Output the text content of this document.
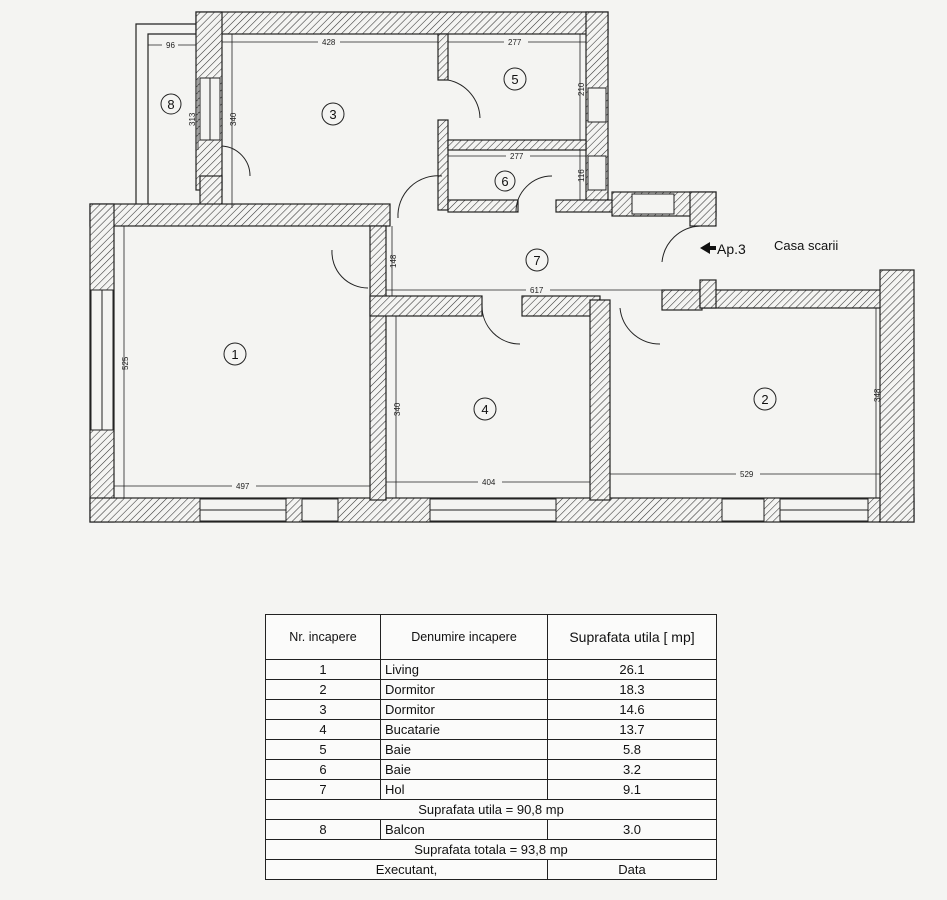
96	428	277
313	340
210
277
116
148
617
525
340
348
497	404
529
8
3
5
6
7
1
4
2
Ap.3 Casa scarii
Nr. incapere	Denumire incapere	Suprafata utila [ mp]
1	Living	26.1
2	Dormitor	18.3
3	Dormitor	14.6
4	Bucatarie	13.7
5	Baie	5.8
6	Baie	3.2
7	Hol	9.1
Suprafata utila = 90,8 mp		
8	Balcon	3.0
Suprafata totala = 93,8 mp		
Executant,		Data
